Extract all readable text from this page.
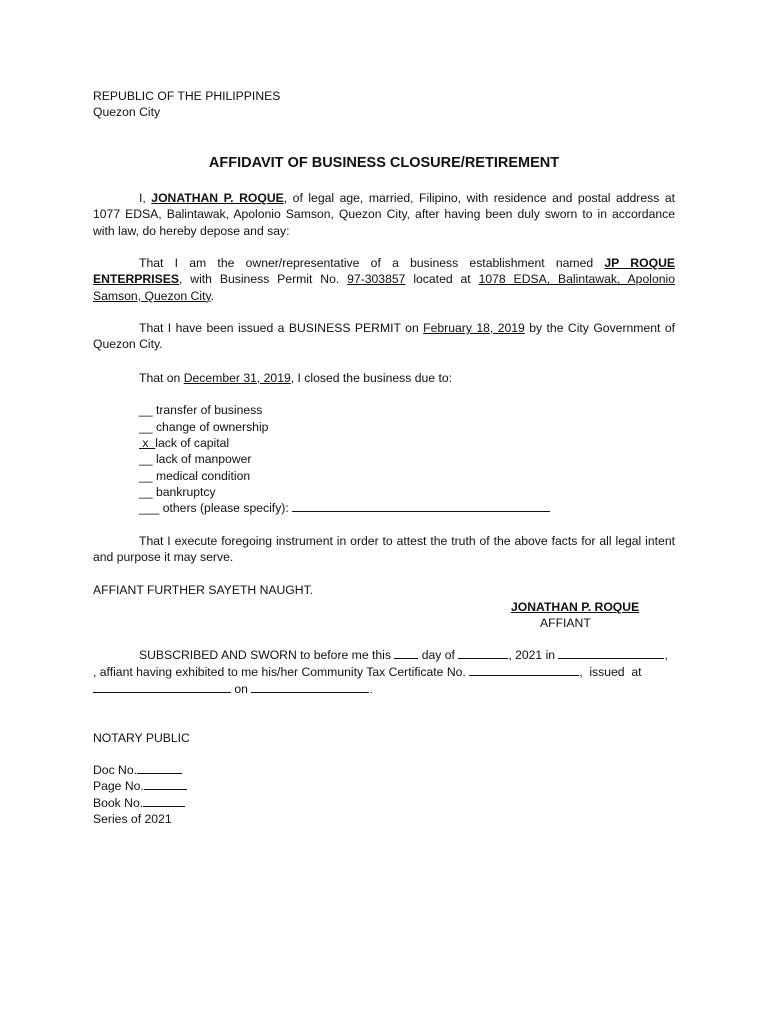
REPUBLIC OF THE PHILIPPINES
Quezon City
AFFIDAVIT OF BUSINESS CLOSURE/RETIREMENT
I, JONATHAN P. ROQUE, of legal age, married, Filipino, with residence and postal address at 1077 EDSA, Balintawak, Apolonio Samson, Quezon City, after having been duly sworn to in accordance with law, do hereby depose and say:
That I am the owner/representative of a business establishment named JP ROQUE ENTERPRISES, with Business Permit No. 97-303857 located at 1078 EDSA, Balintawak, Apolonio Samson, Quezon City.
That I have been issued a BUSINESS PERMIT on February 18, 2019 by the City Government of Quezon City.
That on December 31, 2019, I closed the business due to:
__ transfer of business
__ change of ownership
x  lack of capital
__ lack of manpower
__ medical condition
__ bankruptcy
___ others (please specify):
That I execute foregoing instrument in order to attest the truth of the above facts for all legal intent and purpose it may serve.
AFFIANT FURTHER SAYETH NAUGHT.
JONATHAN P. ROQUE
AFFIANT
SUBSCRIBED AND SWORN to before me this  day of	, 2021 in	,
, affiant having exhibited to me his/her Community Tax Certificate No.	,  issued  at
on	.
NOTARY PUBLIC
Doc No.
Page No.
Book No.
Series of 2021
